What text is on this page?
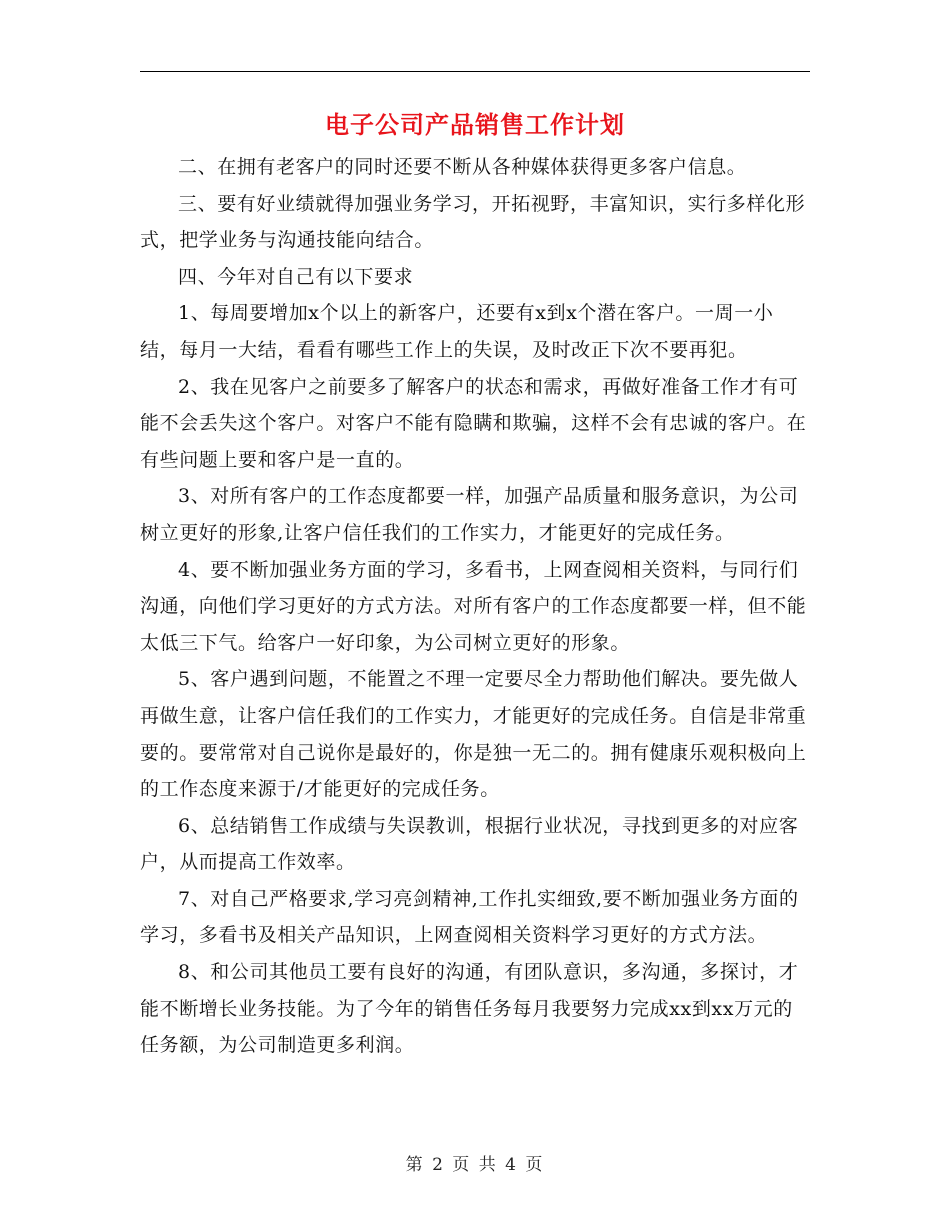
电子公司产品销售工作计划

二、在拥有老客户的同时还要不断从各种媒体获得更多客户信息。

三、要有好业绩就得加强业务学习，开拓视野，丰富知识，实行多样化形式，把学业务与沟通技能向结合。

四、今年对自己有以下要求

1、每周要增加x个以上的新客户，还要有x到x个潜在客户。一周一小结，每月一大结，看看有哪些工作上的失误，及时改正下次不要再犯。

2、我在见客户之前要多了解客户的状态和需求，再做好准备工作才有可能不会丢失这个客户。对客户不能有隐瞒和欺骗，这样不会有忠诚的客户。在有些问题上要和客户是一直的。

3、对所有客户的工作态度都要一样，加强产品质量和服务意识，为公司树立更好的形象,让客户信任我们的工作实力，才能更好的完成任务。

4、要不断加强业务方面的学习，多看书，上网查阅相关资料，与同行们沟通，向他们学习更好的方式方法。对所有客户的工作态度都要一样，但不能太低三下气。给客户一好印象，为公司树立更好的形象。

5、客户遇到问题，不能置之不理一定要尽全力帮助他们解决。要先做人再做生意，让客户信任我们的工作实力，才能更好的完成任务。自信是非常重要的。要常常对自己说你是最好的，你是独一无二的。拥有健康乐观积极向上的工作态度来源于/才能更好的完成任务。

6、总结销售工作成绩与失误教训，根据行业状况，寻找到更多的对应客户，从而提高工作效率。

7、对自己严格要求,学习亮剑精神,工作扎实细致,要不断加强业务方面的学习，多看书及相关产品知识，上网查阅相关资料学习更好的方式方法。

8、和公司其他员工要有良好的沟通，有团队意识，多沟通，多探讨，才能不断增长业务技能。为了今年的销售任务每月我要努力完成xx到xx万元的任务额，为公司制造更多利润。

第 2 页 共 4 页
